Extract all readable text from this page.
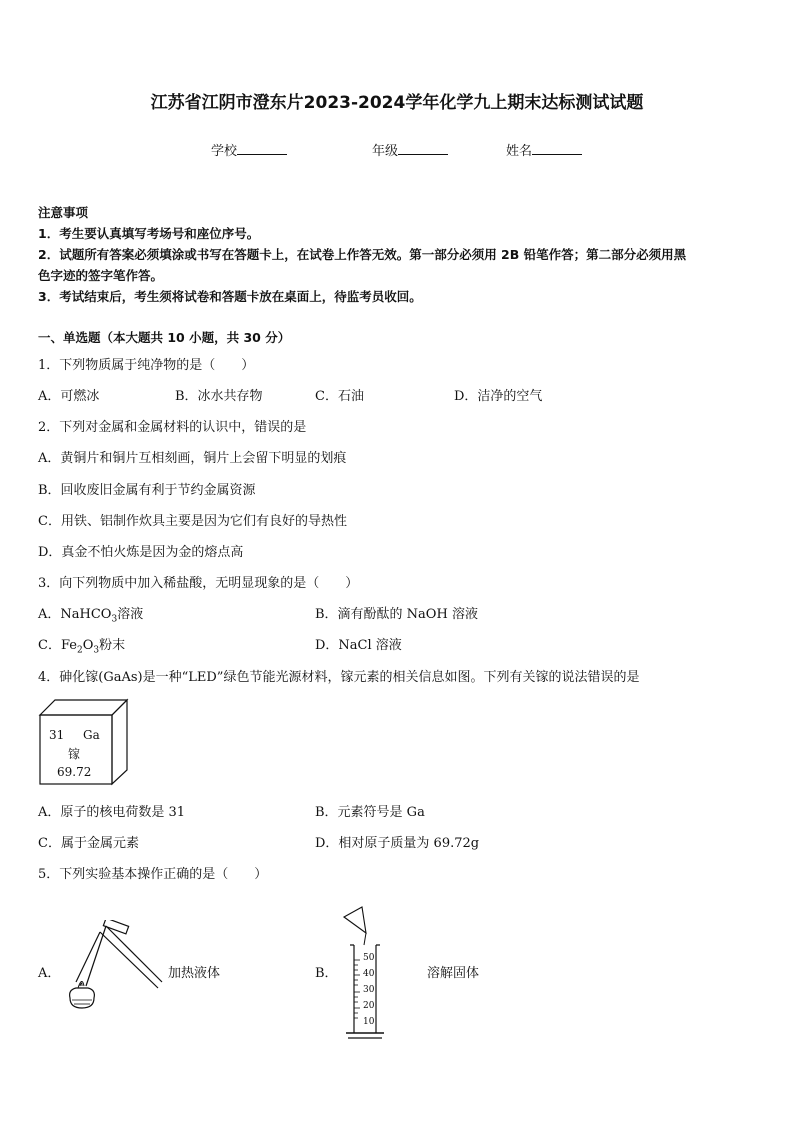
江苏省江阴市澄东片2023-2024学年化学九上期末达标测试试题
学校	年级	姓名
注意事项
1．考生要认真填写考场号和座位序号。
2．试题所有答案必须填涂或书写在答题卡上，在试卷上作答无效。第一部分必须用 2B 铅笔作答；第二部分必须用黑
色字迹的签字笔作答。
3．考试结束后，考生须将试卷和答题卡放在桌面上，待监考员收回。
一、单选题（本大题共 10 小题，共 30 分）
1．下列物质属于纯净物的是（　　）
A．可燃冰	B．冰水共存物	C．石油	D．洁净的空气
2．下列对金属和金属材料的认识中，错误的是
A．黄铜片和铜片互相刻画，铜片上会留下明显的划痕
B．回收废旧金属有利于节约金属资源
C．用铁、铝制作炊具主要是因为它们有良好的导热性
D．真金不怕火炼是因为金的熔点高
3．向下列物质中加入稀盐酸，无明显现象的是（　　）
A．NaHCO$_3$溶液	B．滴有酚酞的 NaOH 溶液
C．$Fe_2O_3$粉末	D．NaCl 溶液
4．砷化镓(GaAs)是一种“LED”绿色节能光源材料，镓元素的相关信息如图。下列有关镓的说法错误的是
31 Ga
镓
69.72
A．原子的核电荷数是 31	B．元素符号是 Ga
C．属于金属元素	D．相对原子质量为 69.72g
5．下列实验基本操作正确的是（　　）
A．	加热液体	B．
50
40
30
20
10
溶解固体
